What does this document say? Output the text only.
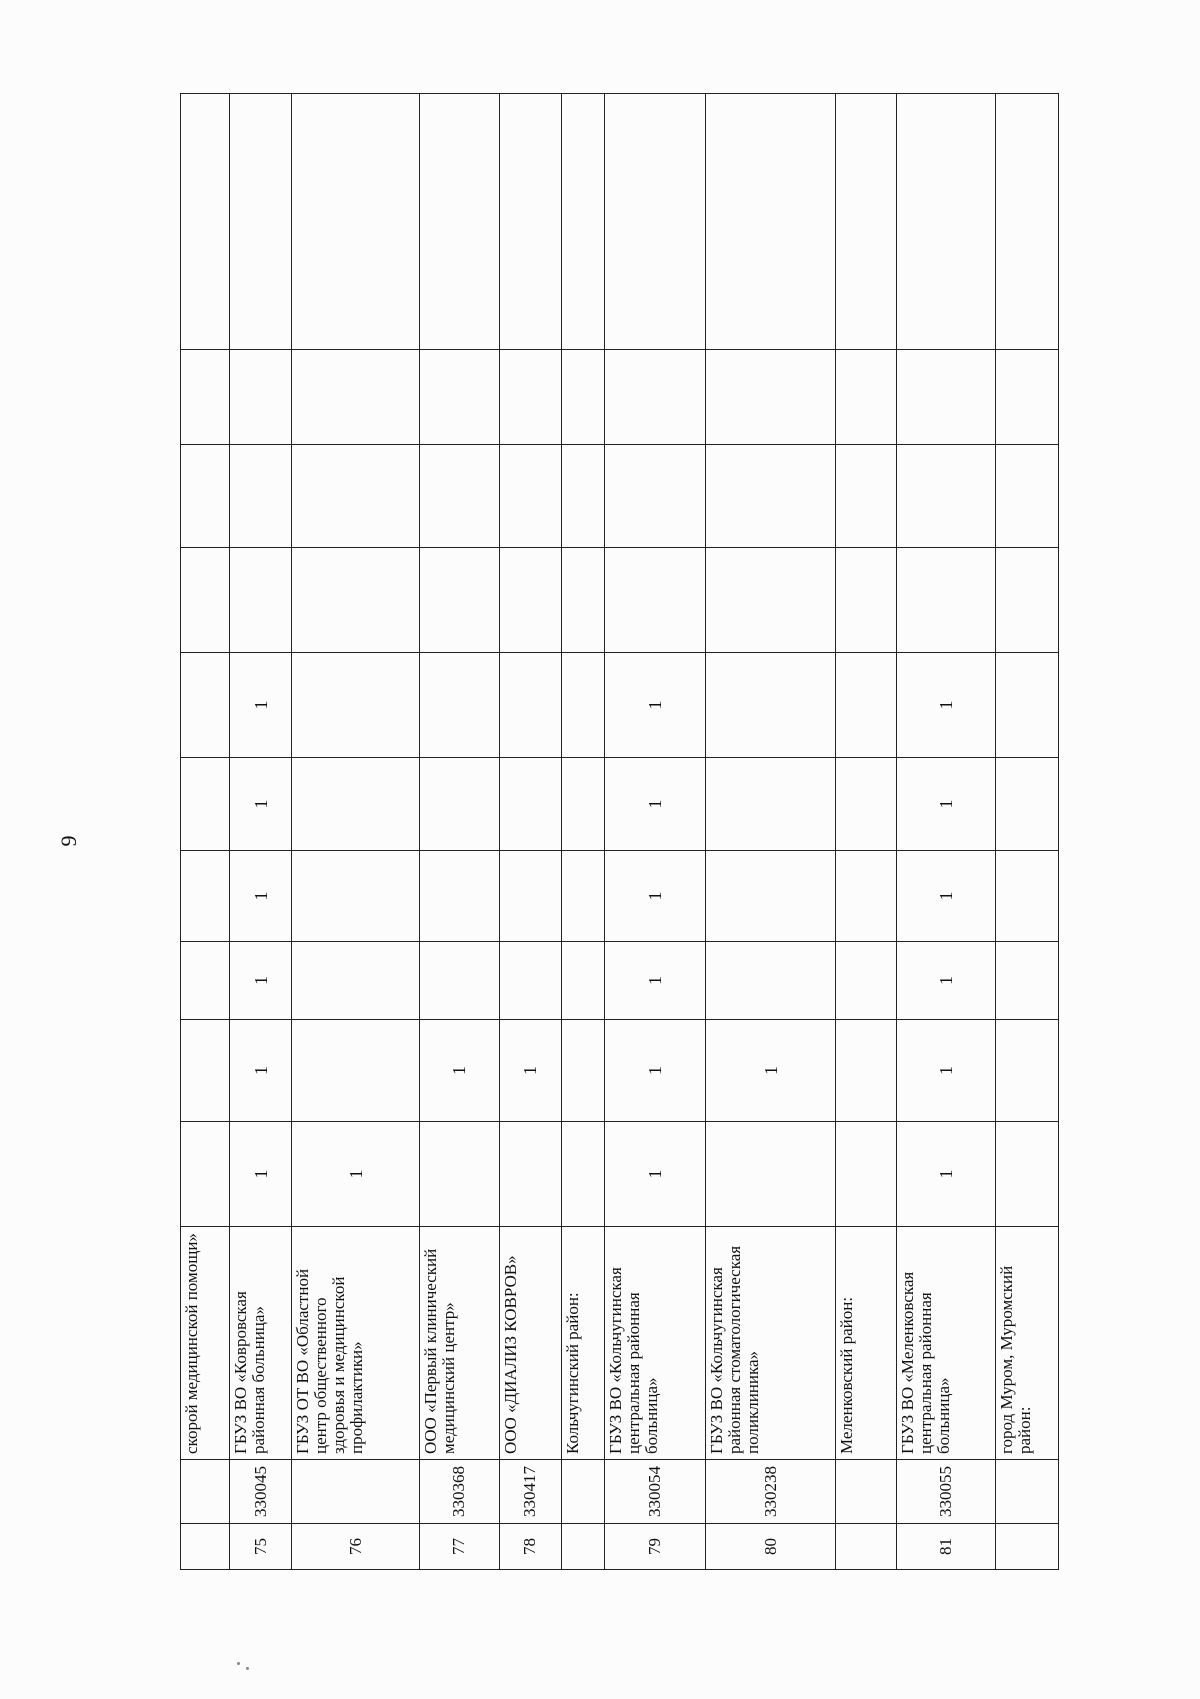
9
		скорой медицинской помощи»										
75	330045	ГБУЗ ВО «Ковровская районная больница»	1	1	1	1	1	1				
76		ГБУЗ ОТ ВО «Областной центр общественного здоровья и медицинской профилактики»	1									
77	330368	ООО «Первый клинический медицинский центр»		1								
78	330417	ООО «ДИАЛИЗ КОВРОВ»		1								
		Кольчугинский район:										
79	330054	ГБУЗ ВО «Кольчугинская центральная районная больница»	1	1	1	1	1	1				
80	330238	ГБУЗ ВО «Кольчугинская районная стоматологическая поликлиника»		1								
		Меленковский район:										
81	330055	ГБУЗ ВО «Меленковская центральная районная больница»	1	1	1	1	1	1				
		город Муром, Муромский район:										
